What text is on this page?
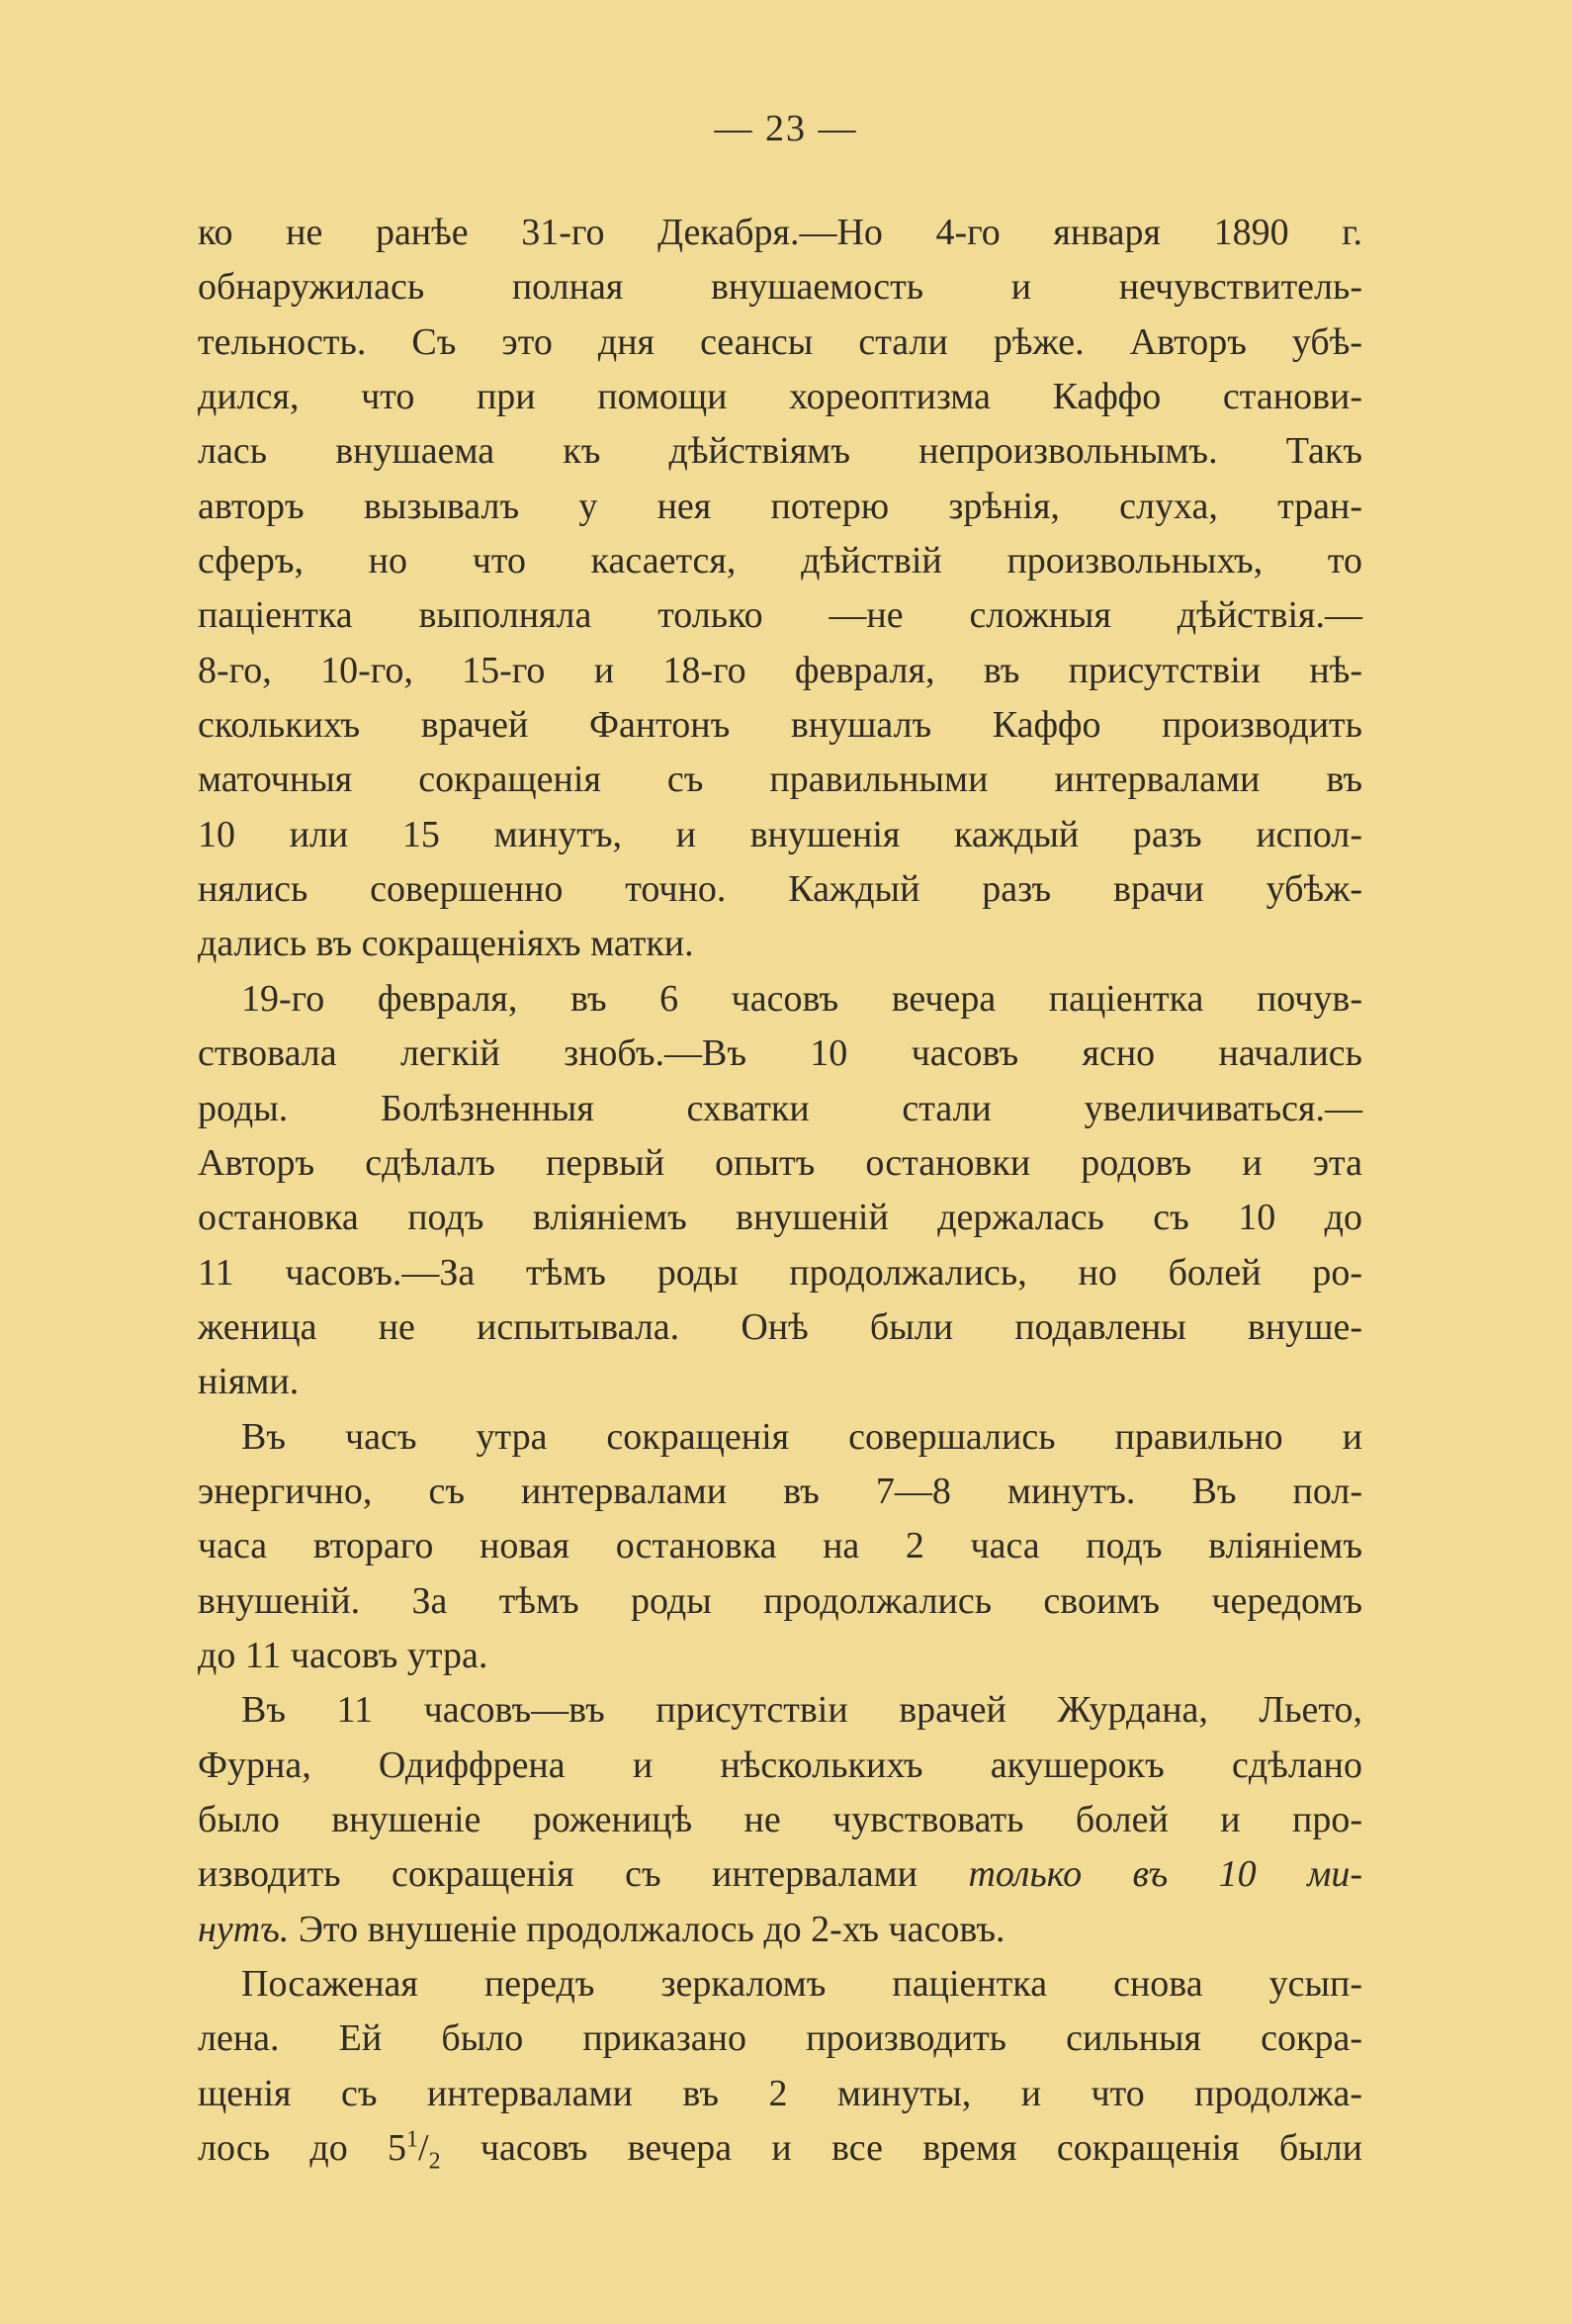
— 23 —
ко не ранѣе 31-го Декабря.—Но 4-го января 1890 г.
обнаружилась полная внушаемость и нечувствитель-
тельность. Съ это дня сеансы стали рѣже. Авторъ убѣ-
дился, что при помощи хореоптизма Каффо станови-
лась внушаема къ дѣйствіямъ непроизвольнымъ. Такъ
авторъ вызывалъ у нея потерю зрѣнія, слуха, тран-
сферъ, но что касается, дѣйствій произвольныхъ, то
паціентка выполняла только —не сложныя дѣйствія.—
8-го, 10-го, 15-го и 18-го февраля, въ присутствіи нѣ-
сколькихъ врачей Фантонъ внушалъ Каффо производить
маточныя сокращенія съ правильными интервалами въ
10 или 15 минутъ, и внушенія каждый разъ испол-
нялись совершенно точно. Каждый разъ врачи убѣж-
дались въ сокращеніяхъ матки.
19-го февраля, въ 6 часовъ вечера паціентка почув-
ствовала легкій знобъ.—Въ 10 часовъ ясно начались
роды. Болѣзненныя схватки стали увеличиваться.—
Авторъ сдѣлалъ первый опытъ остановки родовъ и эта
остановка подъ вліяніемъ внушеній держалась съ 10 до
11 часовъ.—За тѣмъ роды продолжались, но болей ро-
женица не испытывала. Онѣ были подавлены внуше-
ніями.
Въ часъ утра сокращенія совершались правильно и
энергично, съ интервалами въ 7—8 минутъ. Въ пол-
часа втораго новая остановка на 2 часа подъ вліяніемъ
внушеній. За тѣмъ роды продолжались своимъ чередомъ
до 11 часовъ утра.
Въ 11 часовъ—въ присутствіи врачей Журдана, Льето,
Фурна, Одиффрена и нѣсколькихъ акушерокъ сдѣлано
было внушеніе роженицѣ не чувствовать болей и про-
изводить сокращенія съ интервалами только въ 10 ми-
нутъ. Это внушеніе продолжалось до 2-хъ часовъ.
Посаженая передъ зеркаломъ паціентка снова усып-
лена. Ей было приказано производить сильныя сокра-
щенія съ интервалами въ 2 минуты, и что продолжа-
лось до $5^1/_2$ часовъ вечера и все время сокращенія были
